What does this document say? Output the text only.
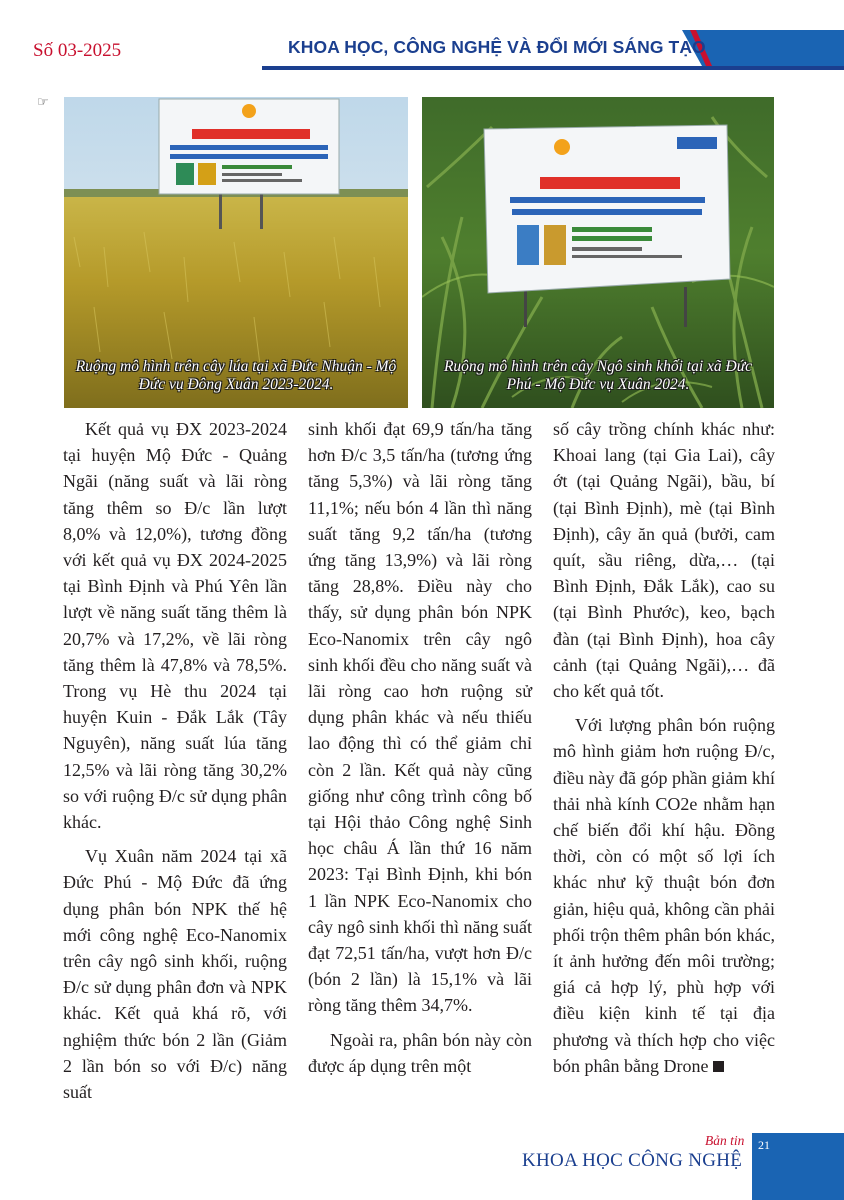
Số 03-2025	KHOA HỌC, CÔNG NGHỆ VÀ ĐỔI MỚI SÁNG TẠO
☞
Ruộng mô hình trên cây lúa tại xã Đức Nhuận - Mộ Đức vụ Đông Xuân 2023-2024.
Ruộng mô hình trên cây Ngô sinh khối tại xã Đức Phú - Mộ Đức vụ Xuân 2024.

Kết quả vụ ĐX 2023-2024 tại huyện Mộ Đức - Quảng Ngãi (năng suất và lãi ròng tăng thêm so Đ/c lần lượt 8,0% và 12,0%), tương đồng với kết quả vụ ĐX 2024-2025 tại Bình Định và Phú Yên lần lượt về năng suất tăng thêm là 20,7% và 17,2%, về lãi ròng tăng thêm là 47,8% và 78,5%. Trong vụ Hè thu 2024 tại huyện Kuin - Đắk Lắk (Tây Nguyên), năng suất lúa tăng 12,5% và lãi ròng tăng 30,2% so với ruộng Đ/c sử dụng phân khác.

Vụ Xuân năm 2024 tại xã Đức Phú - Mộ Đức đã ứng dụng phân bón NPK thế hệ mới công nghệ Eco-Nanomix trên cây ngô sinh khối, ruộng Đ/c sử dụng phân đơn và NPK khác. Kết quả khá rõ, với nghiệm thức bón 2 lần (Giảm 2 lần bón so với Đ/c) năng suất

sinh khối đạt 69,9 tấn/ha tăng hơn Đ/c 3,5 tấn/ha (tương ứng tăng 5,3%) và lãi ròng tăng 11,1%; nếu bón 4 lần thì năng suất tăng 9,2 tấn/ha (tương ứng tăng 13,9%) và lãi ròng tăng 28,8%. Điều này cho thấy, sử dụng phân bón NPK Eco-Nanomix trên cây ngô sinh khối đều cho năng suất và lãi ròng cao hơn ruộng sử dụng phân khác và nếu thiếu lao động thì có thể giảm chỉ còn 2 lần. Kết quả này cũng giống như công trình công bố tại Hội thảo Công nghệ Sinh học châu Á lần thứ 16 năm 2023: Tại Bình Định, khi bón 1 lần NPK Eco-Nanomix cho cây ngô sinh khối thì năng suất đạt 72,51 tấn/ha, vượt hơn Đ/c (bón 2 lần) là 15,1% và lãi ròng tăng thêm 34,7%.

Ngoài ra, phân bón này còn được áp dụng trên một

số cây trồng chính khác như: Khoai lang (tại Gia Lai), cây ớt (tại Quảng Ngãi), bầu, bí (tại Bình Định), mè (tại Bình Định), cây ăn quả (bưởi, cam quít, sầu riêng, dừa,… (tại Bình Định, Đắk Lắk), cao su (tại Bình Phước), keo, bạch đàn (tại Bình Định), hoa cây cảnh (tại Quảng Ngãi),… đã cho kết quả tốt.

Với lượng phân bón ruộng mô hình giảm hơn ruộng Đ/c, điều này đã góp phần giảm khí thải nhà kính CO2e nhằm hạn chế biến đổi khí hậu. Đồng thời, còn có một số lợi ích khác như kỹ thuật bón đơn giản, hiệu quả, không cần phải phối trộn thêm phân bón khác, ít ảnh hưởng đến môi trường; giá cả hợp lý, phù hợp với điều kiện kinh tế tại địa phương và thích hợp cho việc bón phân bằng Drone

Bản tin
KHOA HỌC CÔNG NGHỆ
21
